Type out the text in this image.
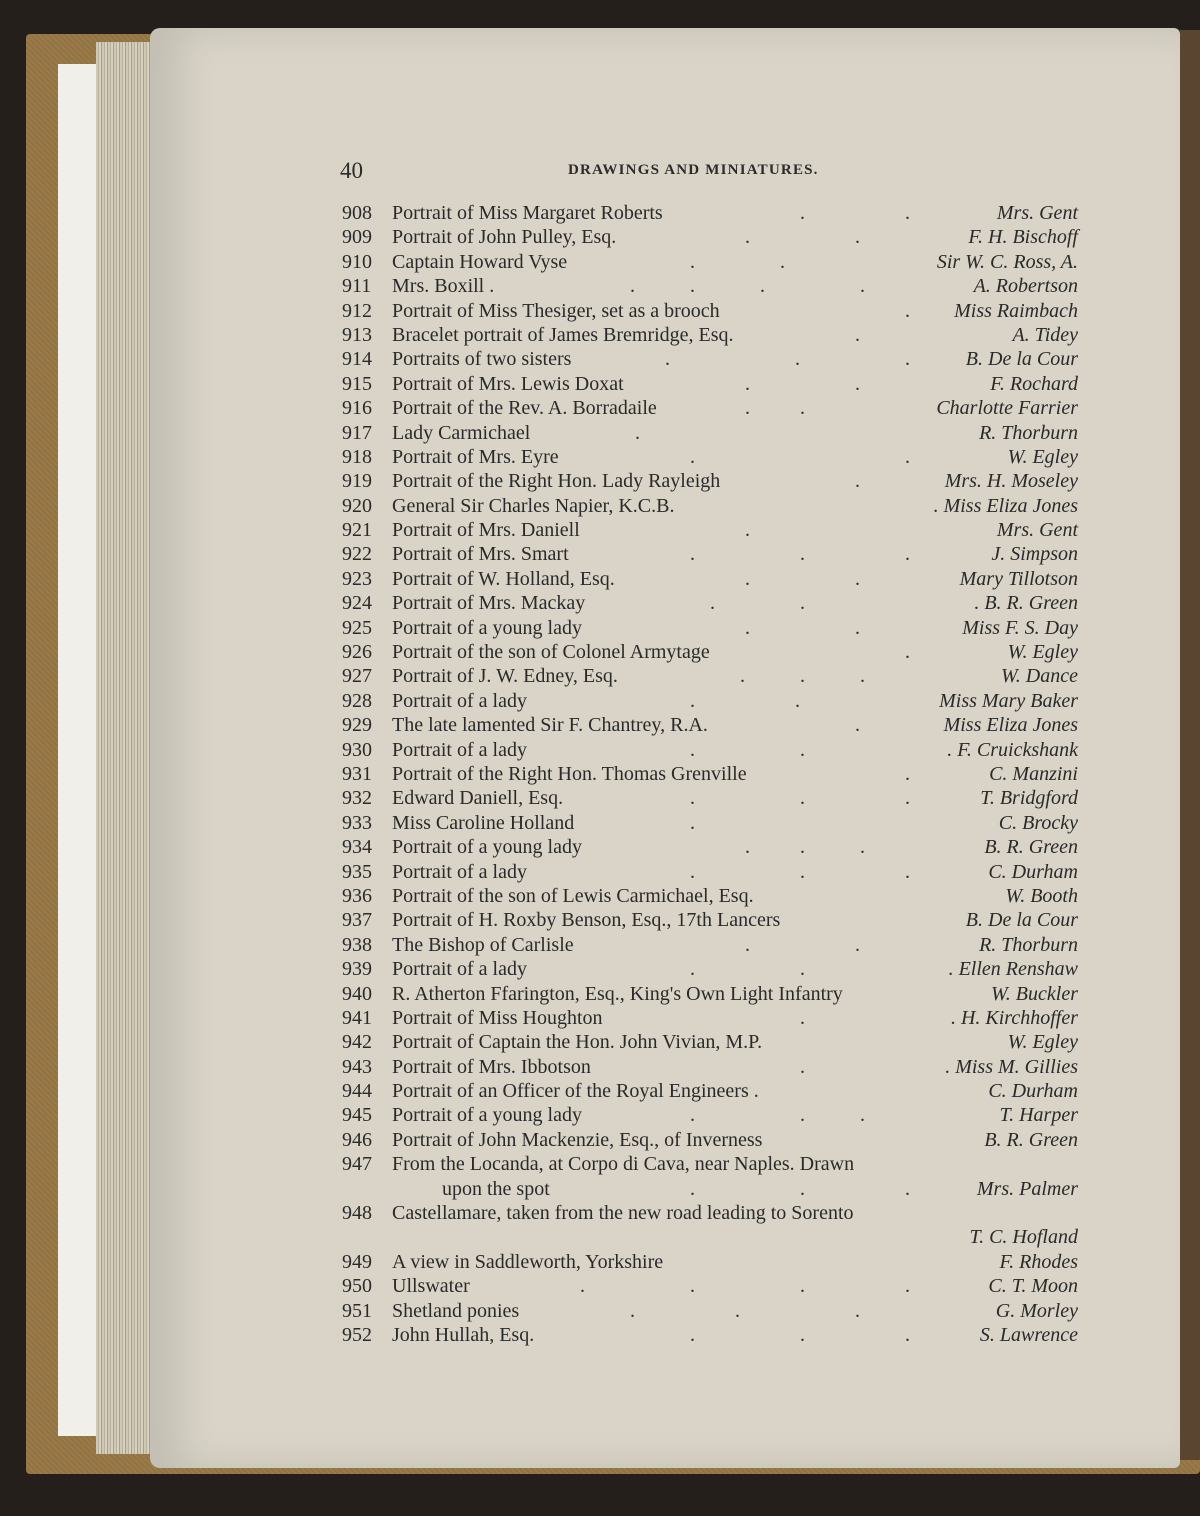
40	DRAWINGS AND MINIATURES.
908 Portrait of Miss Margaret Roberts	.	.	Mrs. Gent
909 Portrait of John Pulley, Esq.	.	.	F. H. Bischoff
910 Captain Howard Vyse	.	.	Sir W. C. Ross, A.
911 Mrs. Boxill .	.	.	.	.	A. Robertson
912 Portrait of Miss Thesiger, set as a brooch	. Miss Raimbach
913 Bracelet portrait of James Bremridge, Esq.	.	A. Tidey
914 Portraits of two sisters	.	.	.	B. De la Cour
915 Portrait of Mrs. Lewis Doxat	.	.	F. Rochard
916 Portrait of the Rev. A. Borradaile	.	.	Charlotte Farrier
917 Lady Carmichael	.	R. Thorburn
918 Portrait of Mrs. Eyre	.	.	W. Egley
919 Portrait of the Right Hon. Lady Rayleigh	.	Mrs. H. Moseley
920 General Sir Charles Napier, K.C.B.	. Miss Eliza Jones
921 Portrait of Mrs. Daniell	.	Mrs. Gent
922 Portrait of Mrs. Smart	.	.	.	J. Simpson
923 Portrait of W. Holland, Esq.	.	.	Mary Tillotson
924 Portrait of Mrs. Mackay	.	.	. B. R. Green
925 Portrait of a young lady	.	.	Miss F. S. Day
926 Portrait of the son of Colonel Armytage	.	W. Egley
927 Portrait of J. W. Edney, Esq.	.	.	.	W. Dance
928 Portrait of a lady	.	.	Miss Mary Baker
929 The late lamented Sir F. Chantrey, R.A.	.	Miss Eliza Jones
930 Portrait of a lady	.	.	. F. Cruickshank
931 Portrait of the Right Hon. Thomas Grenville	.	C. Manzini
932 Edward Daniell, Esq.	.	.	.	T. Bridgford
933 Miss Caroline Holland	.	C. Brocky
934 Portrait of a young lady	.	.	.	B. R. Green
935 Portrait of a lady	.	.	.	C. Durham
936 Portrait of the son of Lewis Carmichael, Esq.	W. Booth
937 Portrait of H. Roxby Benson, Esq., 17th Lancers	B. De la Cour
938 The Bishop of Carlisle	.	.	R. Thorburn
939 Portrait of a lady	.	.	. Ellen Renshaw
940 R. Atherton Ffarington, Esq., King's Own Light Infantry	W. Buckler
941 Portrait of Miss Houghton	.	. H. Kirchhoffer
942 Portrait of Captain the Hon. John Vivian, M.P.	W. Egley
943 Portrait of Mrs. Ibbotson	.	. Miss M. Gillies
944 Portrait of an Officer of the Royal Engineers .	C. Durham
945 Portrait of a young lady	.	.	.	T. Harper
946 Portrait of John Mackenzie, Esq., of Inverness	B. R. Green
947 From the Locanda, at Corpo di Cava, near Naples. Drawn
upon the spot	.	.	.	Mrs. Palmer
948 Castellamare, taken from the new road leading to Sorento
T. C. Hofland
949 A view in Saddleworth, Yorkshire	F. Rhodes
950 Ullswater	.	.	.	.	C. T. Moon
951 Shetland ponies	.	.	.	G. Morley
952 John Hullah, Esq.	.	.	.	S. Lawrence
